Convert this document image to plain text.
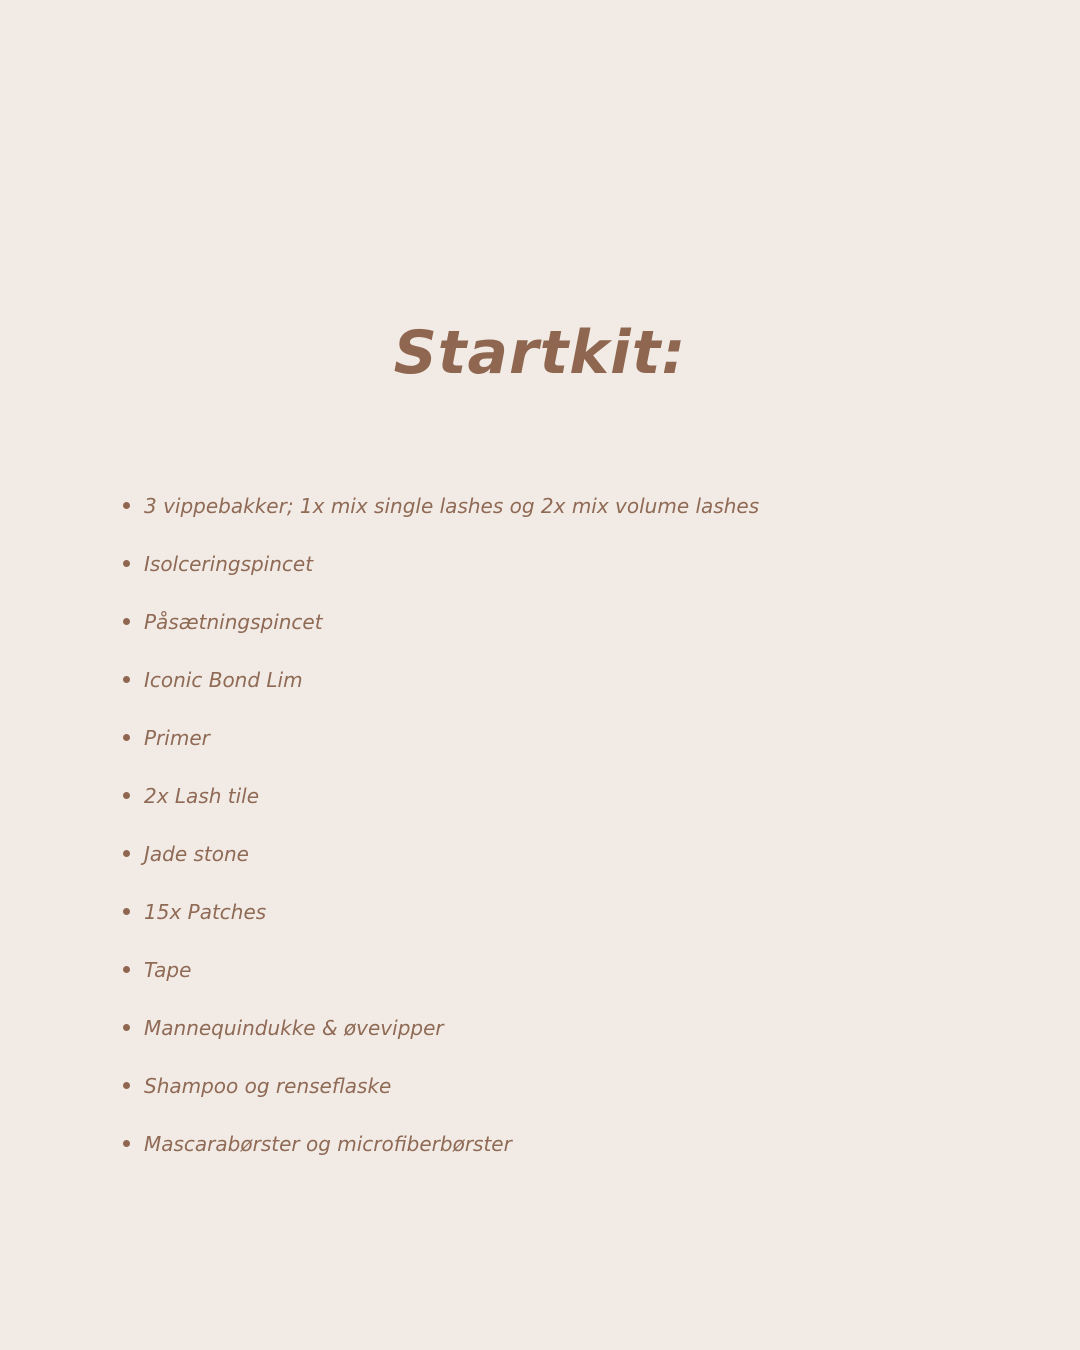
Startkit:
3 vippebakker; 1x mix single lashes og 2x mix volume lashes
Isolceringspincet
Påsætningspincet
Iconic Bond Lim
Primer
2x Lash tile
Jade stone
15x Patches
Tape
Mannequindukke & øvevipper
Shampoo og renseflaske
Mascarabørster og microfiberbørster
